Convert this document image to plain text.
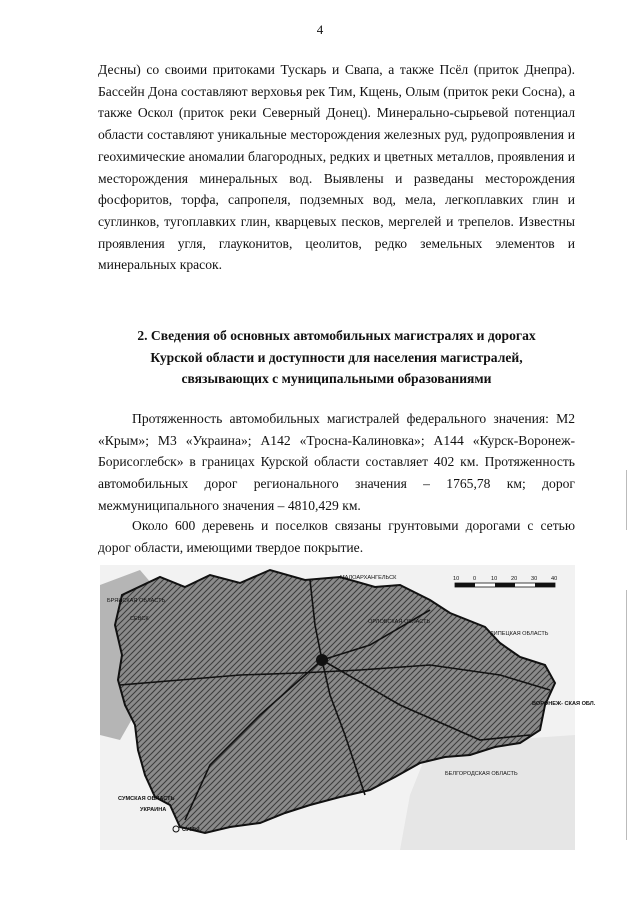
4

Десны) со своими притоками Тускарь и Свапа, а также Псёл (приток Днепра). Бассейн Дона составляют верховья рек Тим, Кщень, Олым (приток реки Сосна), а также Оскол (приток реки Северный Донец). Минерально-сырьевой потенциал области составляют уникальные месторождения железных руд, рудопроявления и геохимические аномалии благородных, редких и цветных металлов, проявления и месторождения минеральных вод. Выявлены и разведаны месторождения фосфоритов, торфа, сапропеля, подземных вод, мела, легкоплавких глин и суглинков, тугоплавких глин, кварцевых песков, мергелей и трепелов. Известны проявления угля, глауконитов, цеолитов, редко земельных элементов и минеральных красок.

2. Сведения об основных автомобильных магистралях и дорогах
Курской области и доступности для населения магистралей,
связывающих с муниципальными образованиями

Протяженность автомобильных магистралей федерального значения: М2 «Крым»; М3 «Украина»; А142 «Тросна-Калиновка»; А144 «Курск-Воронеж-Борисоглебск» в границах Курской области составляет 402 км. Протяженность автомобильных дорог регионального значения – 1765,78 км; дорог межмуниципального значения – 4810,429 км.

Около 600 деревень и поселков связаны грунтовыми дорогами с сетью дорог области, имеющими твердое покрытие.

10 0	10 20 30 40
БРЯНСКАЯ ОБЛАСТЬ
СЕВСК
МАЛОАРХАНГЕЛЬСК
ОРЛОВСКАЯ ОБЛАСТЬ
ЛИПЕЦКАЯ ОБЛАСТЬ
ВОРОНЕЖ- СКАЯ ОБЛ.
БЕЛГОРОДСКАЯ ОБЛАСТЬ
СУМСКАЯ ОБЛАСТЬ
УКРАИНА
СУМЫ
